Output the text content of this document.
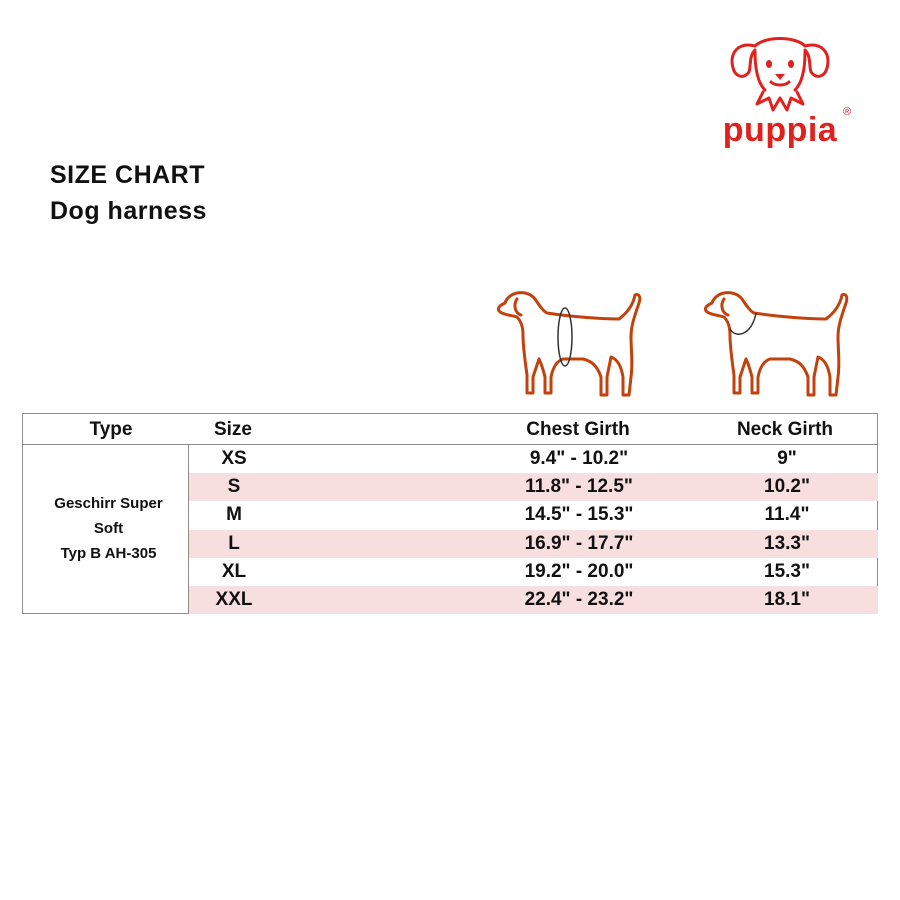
puppia ®
SIZE CHART
Dog harness
Type	Size	Chest Girth	Neck Girth
Geschirr Super
Soft
Typ B AH-305
XS	9.4" - 10.2"	9"
S	11.8" - 12.5"	10.2"
M	14.5" - 15.3"	11.4"
L	16.9" - 17.7"	13.3"
XL	19.2" - 20.0"	15.3"
XXL	22.4" - 23.2"	18.1"
